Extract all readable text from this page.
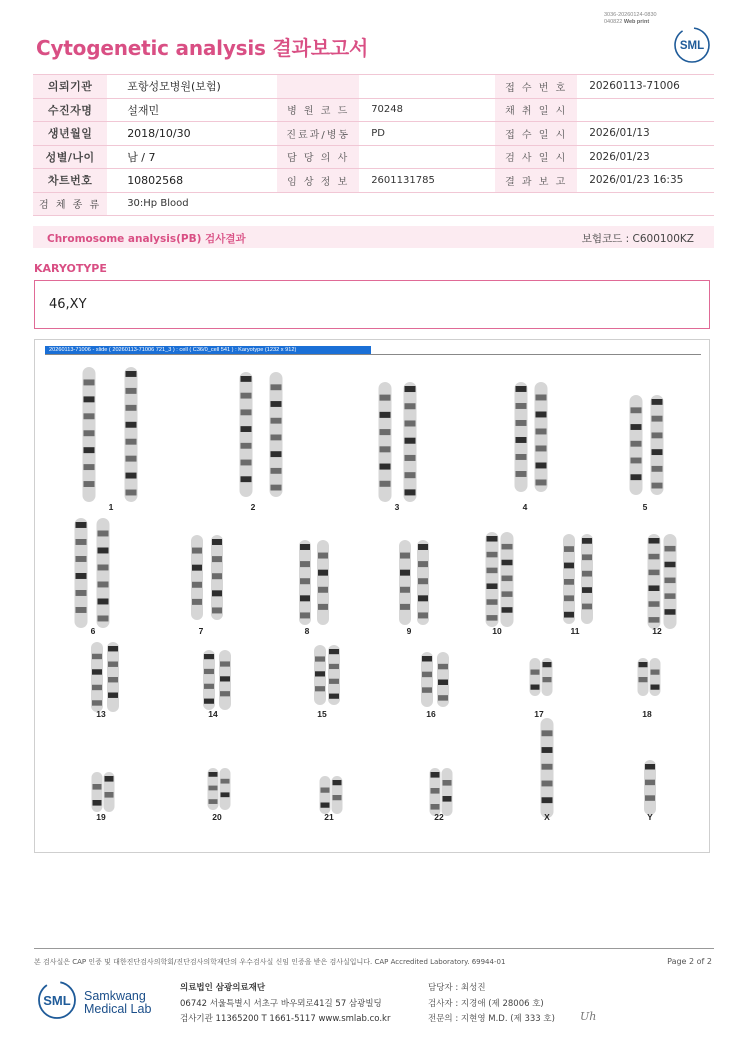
3036-20260124-0830
040822 Web print
Cytogenetic analysis 결과보고서	SML
의뢰기관	포항성모병원(보험)			접 수 번 호	20260113-71006
수진자명	설재민	병 원 코 드	70248	채 취 일 시	
생년월일	2018/10/30	진료과/병동	PD	접 수 일 시	2026/01/13
성별/나이	남 / 7	담 당 의 사		검 사 일 시	2026/01/23
차트번호	10802568	임 상 정 보	2601131785	결 과 보 고	2026/01/23 16:35
검 체 종 류	30:Hp Blood				
Chromosome analysis(PB) 검사결과	보험코드 : C600100KZ
KARYOTYPE
46,XY
1	2	3	4	5
6	7	8	9	10	11	12
13	14	15	16	17	18
19	20	21	22	X	Y
20260113-71006 - slide ( 20260113-71006 721_3 ) : cell ( C36/0_cell 541 ) : Karyotype (1232 x 912)
본 검사실은 CAP 인증 및 대한진단검사의학회/진단검사의학재단의 우수검사실 신임 인증을 받은 검사실입니다. CAP Accredited Laboratory. 69944-01	Page 2 of 2
SML Samkwang
Medical Lab
의료법인 삼광의료재단
06742 서울특별시 서초구 바우뫼로41길 57 삼광빌딩
검사기관 11365200 T 1661-5117 www.smlab.co.kr
담당자 : 최성진
검사자 : 지경애 (제 28006 호)
전문의 : 지현영 M.D. (제 333 호) Uh
